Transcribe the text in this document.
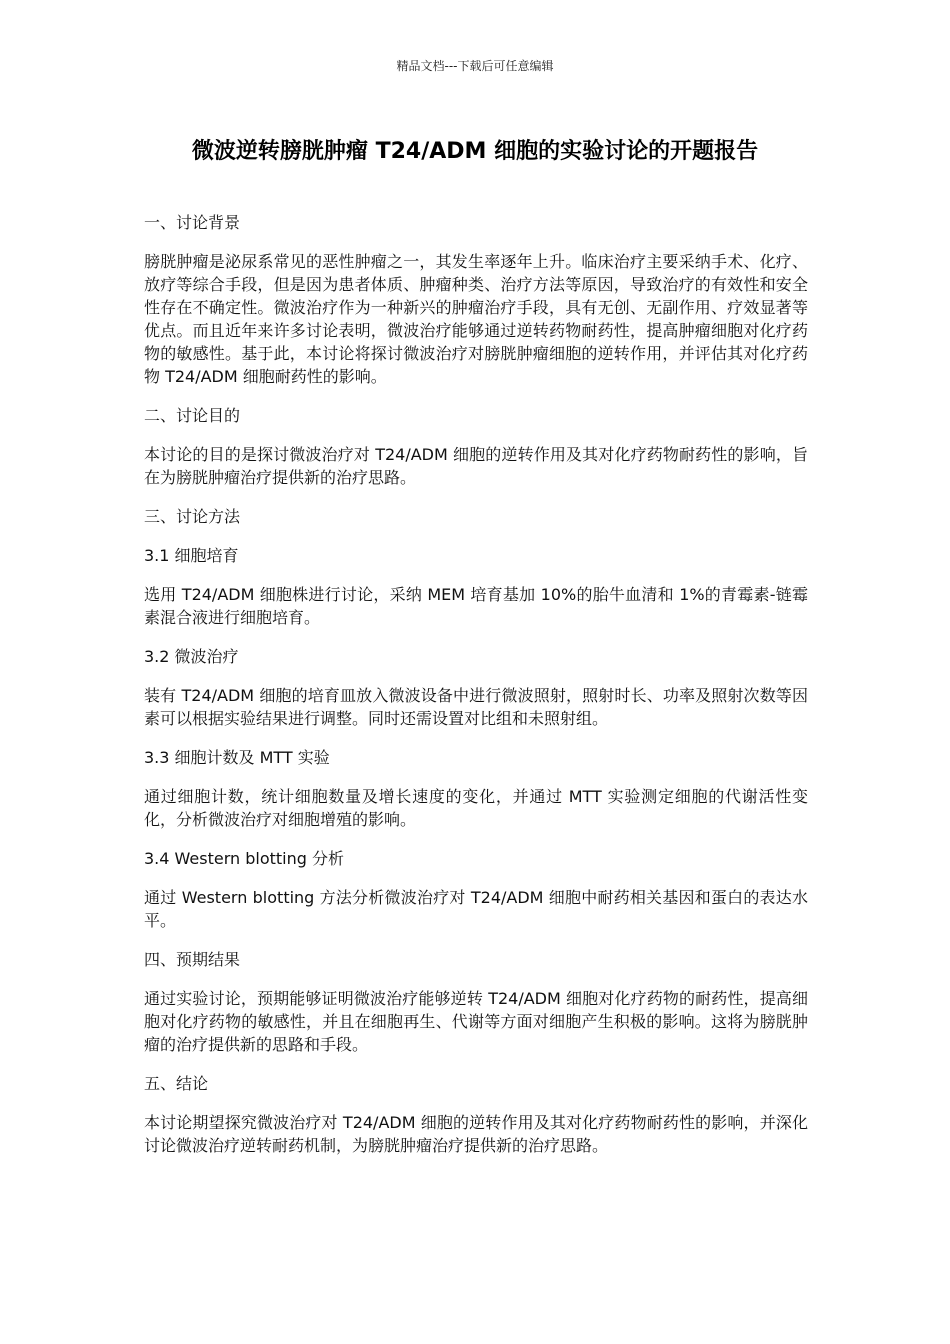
精品文档---下载后可任意编辑
微波逆转膀胱肿瘤 T24/ADM 细胞的实验讨论的开题报告

一、讨论背景

膀胱肿瘤是泌尿系常见的恶性肿瘤之一，其发生率逐年上升。临床治疗主要采纳手术、化疗、放疗等综合手段，但是因为患者体质、肿瘤种类、治疗方法等原因，导致治疗的有效性和安全性存在不确定性。微波治疗作为一种新兴的肿瘤治疗手段，具有无创、无副作用、疗效显著等优点。而且近年来许多讨论表明，微波治疗能够通过逆转药物耐药性，提高肿瘤细胞对化疗药物的敏感性。基于此，本讨论将探讨微波治疗对膀胱肿瘤细胞的逆转作用，并评估其对化疗药物 T24/ADM 细胞耐药性的影响。

二、讨论目的

本讨论的目的是探讨微波治疗对 T24/ADM 细胞的逆转作用及其对化疗药物耐药性的影响，旨在为膀胱肿瘤治疗提供新的治疗思路。

三、讨论方法

3.1 细胞培育

选用 T24/ADM 细胞株进行讨论，采纳 MEM 培育基加 10%的胎牛血清和 1%的青霉素-链霉素混合液进行细胞培育。

3.2 微波治疗

装有 T24/ADM 细胞的培育皿放入微波设备中进行微波照射，照射时长、功率及照射次数等因素可以根据实验结果进行调整。同时还需设置对比组和未照射组。

3.3 细胞计数及 MTT 实验

通过细胞计数，统计细胞数量及增长速度的变化，并通过 MTT 实验测定细胞的代谢活性变化，分析微波治疗对细胞增殖的影响。

3.4 Western blotting 分析

通过 Western blotting 方法分析微波治疗对 T24/ADM 细胞中耐药相关基因和蛋白的表达水平。

四、预期结果

通过实验讨论，预期能够证明微波治疗能够逆转 T24/ADM 细胞对化疗药物的耐药性，提高细胞对化疗药物的敏感性，并且在细胞再生、代谢等方面对细胞产生积极的影响。这将为膀胱肿瘤的治疗提供新的思路和手段。

五、结论

本讨论期望探究微波治疗对 T24/ADM 细胞的逆转作用及其对化疗药物耐药性的影响，并深化讨论微波治疗逆转耐药机制，为膀胱肿瘤治疗提供新的治疗思路。
